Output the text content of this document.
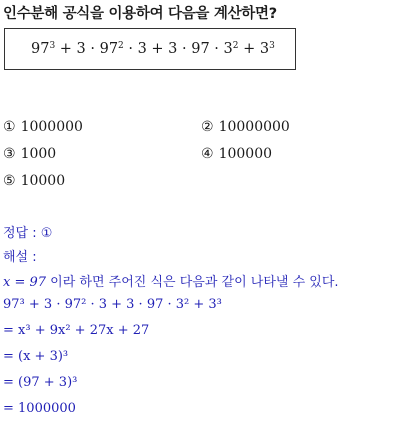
인수분해 공식을 이용하여 다음을 계산하면?
$97^3 + 3 \cdot 97^2 \cdot 3 + 3 \cdot 97 \cdot 3^2 + 3^3$
① 1000000	② 10000000
③ 1000	④ 100000
⑤ 10000
정답 : ①
해설 :
x = 97 이라 하면 주어진 식은 다음과 같이 나타낼 수 있다.
97³ + 3 · 97² · 3 + 3 · 97 · 3² + 3³
= x³ + 9x² + 27x + 27
= (x + 3)³
= (97 + 3)³
= 1000000
